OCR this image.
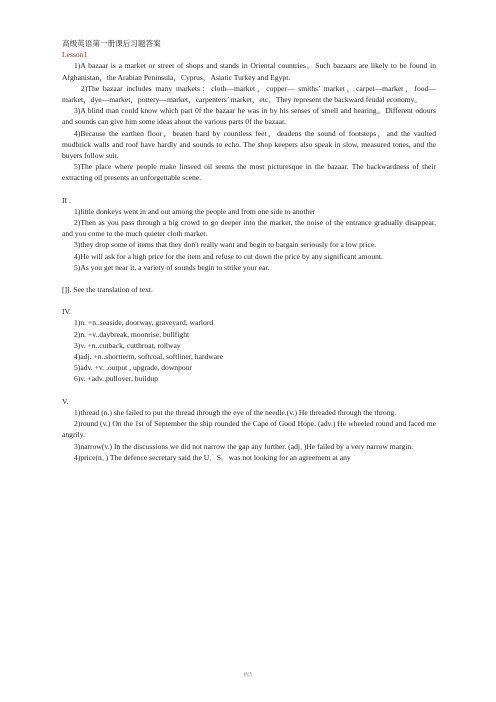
高级英语第一册课后习题答案

Lesson1

1)A bazaar is a market or street of shops and stands in Oriental countries。Such bazaars are likely to be found in Afghanistan，the Arabian Peninsula，Cyprus，Asiatic Turkey and Egypt.

2)The bazaar includes many markets：cloth—market，copper— smiths’ market，carpet—market，food—market，dye—market，pottery—market，carpenters’ market，etc．They represent the backward feudal economy。

3)A blind man could know which part 0f the bazaar he was in by his senses of smell and hearing。Different odours and sounds can give him some ideas about the various parts 0f the bazaar.

4)Because the earthen floor，beaten hard by countless feet，deadens the sound of footsteps，and the vaulted mudbrick walls and roof have hardly and sounds to echo. The shop keepers also speak in slow, measured tones, and the buyers follow suit.

5)The place where people make linseed oil seems the most picturesque in the bazaar. The backwardness of their extracting oil presents an unforgettable scene.

II .

1)little donkeys went in and out among the people and from one side to another

2)Then as you pass through a big crowd to go deeper into the market, the noise of the entrance gradually disappear, and you come to the much quieter cloth market.

3)they drop some of items that they don't really want and begin to bargain seriously for a low price.

4)He will ask for a high price for the item and refuse to cut down the price by any significant amount.

5)As you get near it, a variety of sounds begin to strike your ear.

[]]. See the translation of text.

IV.

1)n. +n..seaside, doorway, graveyard, warlord

2)n. +v..daybreak, moonrise, bullfight

3)v. +n..cutback, cutthroat, rollway

4)adj. +n..shortterm, softcoal, softliner, hardware

5)adv. +v. .output , upgrade, downpour

6)v. +adv..pullover, buildup

V.

1)thread (n.) she failed to put the thread through the eye of the needle.(v.) He threaded through the throng.

2)round (v.) On the 1st of September the ship rounded the Cape of Good Hope. (adv.) He wheeled round and faced me angrily.

3)narrow(v.) In the discussions we did not narrow the gap any further. (adj．)He failed by a very narrow margin.

4)price(n．) The defence secretary said the U．S．was not looking for an agreement at any

精选
